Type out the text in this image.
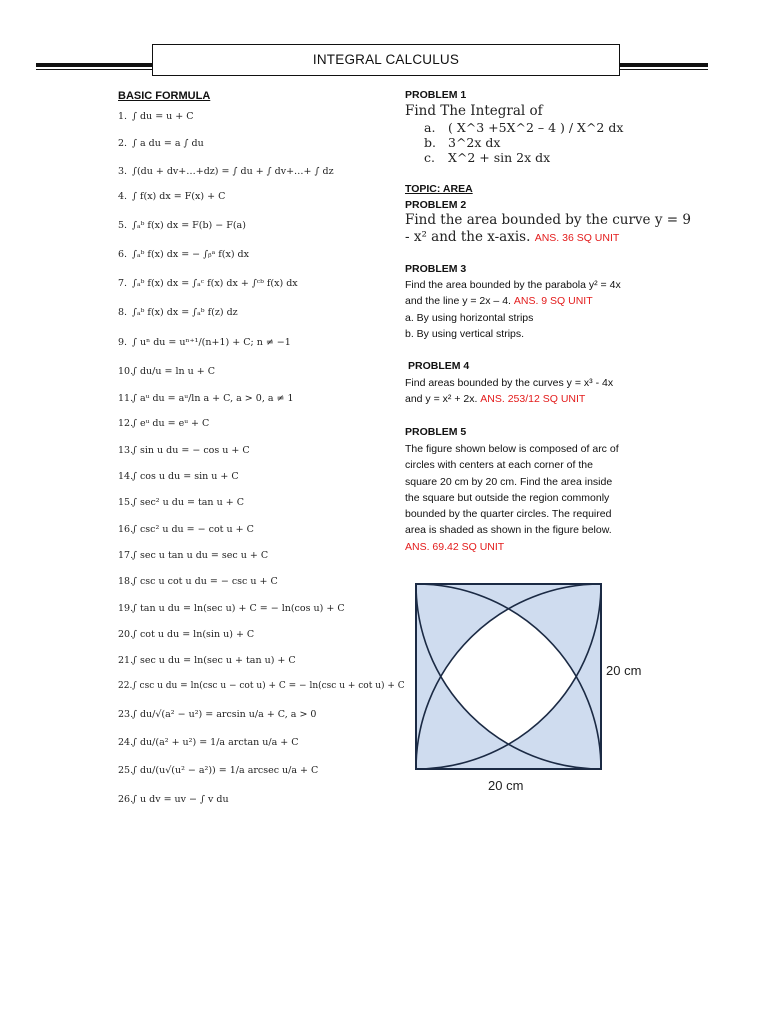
INTEGRAL CALCULUS
BASIC FORMULA
1. ∫ du = u + C
2. ∫ a du = a ∫ du
3. ∫(du + dv+…+dz) = ∫ du + ∫ dv+…+ ∫ dz
4. ∫ f(x) dx = F(x) + C
5. ∫ₐᵇ f(x) dx = F(b) − F(a)
6. ∫ₐᵇ f(x) dx = − ∫ᵦᵃ f(x) dx
7. ∫ₐᵇ f(x) dx = ∫ₐᶜ f(x) dx + ∫ᶜᵇ f(x) dx
8. ∫ₐᵇ f(x) dx = ∫ₐᵇ f(z) dz
9. ∫ uⁿ du = uⁿ⁺¹/(n+1) + C; n ≠ −1
10.∫ du/u = ln u + C
11.∫ aᵘ du = aᵘ/ln a + C, a > 0, a ≠ 1
12.∫ eᵘ du = eᵘ + C
13.∫ sin u du = − cos u + C
14.∫ cos u du = sin u + C
15.∫ sec² u du = tan u + C
16.∫ csc² u du = − cot u + C
17.∫ sec u tan u du = sec u + C
18.∫ csc u cot u du = − csc u + C
19.∫ tan u du = ln(sec u) + C = − ln(cos u) + C
20.∫ cot u du = ln(sin u) + C
21.∫ sec u du = ln(sec u + tan u) + C
22.∫ csc u du = ln(csc u − cot u) + C = − ln(csc u + cot u) + C
23.∫ du/√(a² − u²) = arcsin u/a + C, a > 0
24.∫ du/(a² + u²) = 1/a arctan u/a + C
25.∫ du/(u√(u² − a²)) = 1/a arcsec u/a + C
26.∫ u dv = uv − ∫ v du
PROBLEM 1
Find The Integral of
a. ( X^3 +5X^2 – 4 ) / X^2 dx
b. 3^2x dx
c. X^2 + sin 2x dx
TOPIC: AREA
PROBLEM 2
Find the area bounded by the curve y = 9
- x² and the x-axis. ANS. 36 SQ UNIT
PROBLEM 3
Find the area bounded by the parabola y² = 4x
and the line y = 2x – 4. ANS. 9 SQ UNIT
a. By using horizontal strips
b. By using vertical strips.
PROBLEM 4
Find areas bounded by the curves y = x³ - 4x
and y = x² + 2x. ANS. 253/12 SQ UNIT
PROBLEM 5
The figure shown below is composed of arc of
circles with centers at each corner of the
square 20 cm by 20 cm. Find the area inside
the square but outside the region commonly
bounded by the quarter circles. The required
area is shaded as shown in the figure below.
ANS. 69.42 SQ UNIT
20 cm
20 cm
